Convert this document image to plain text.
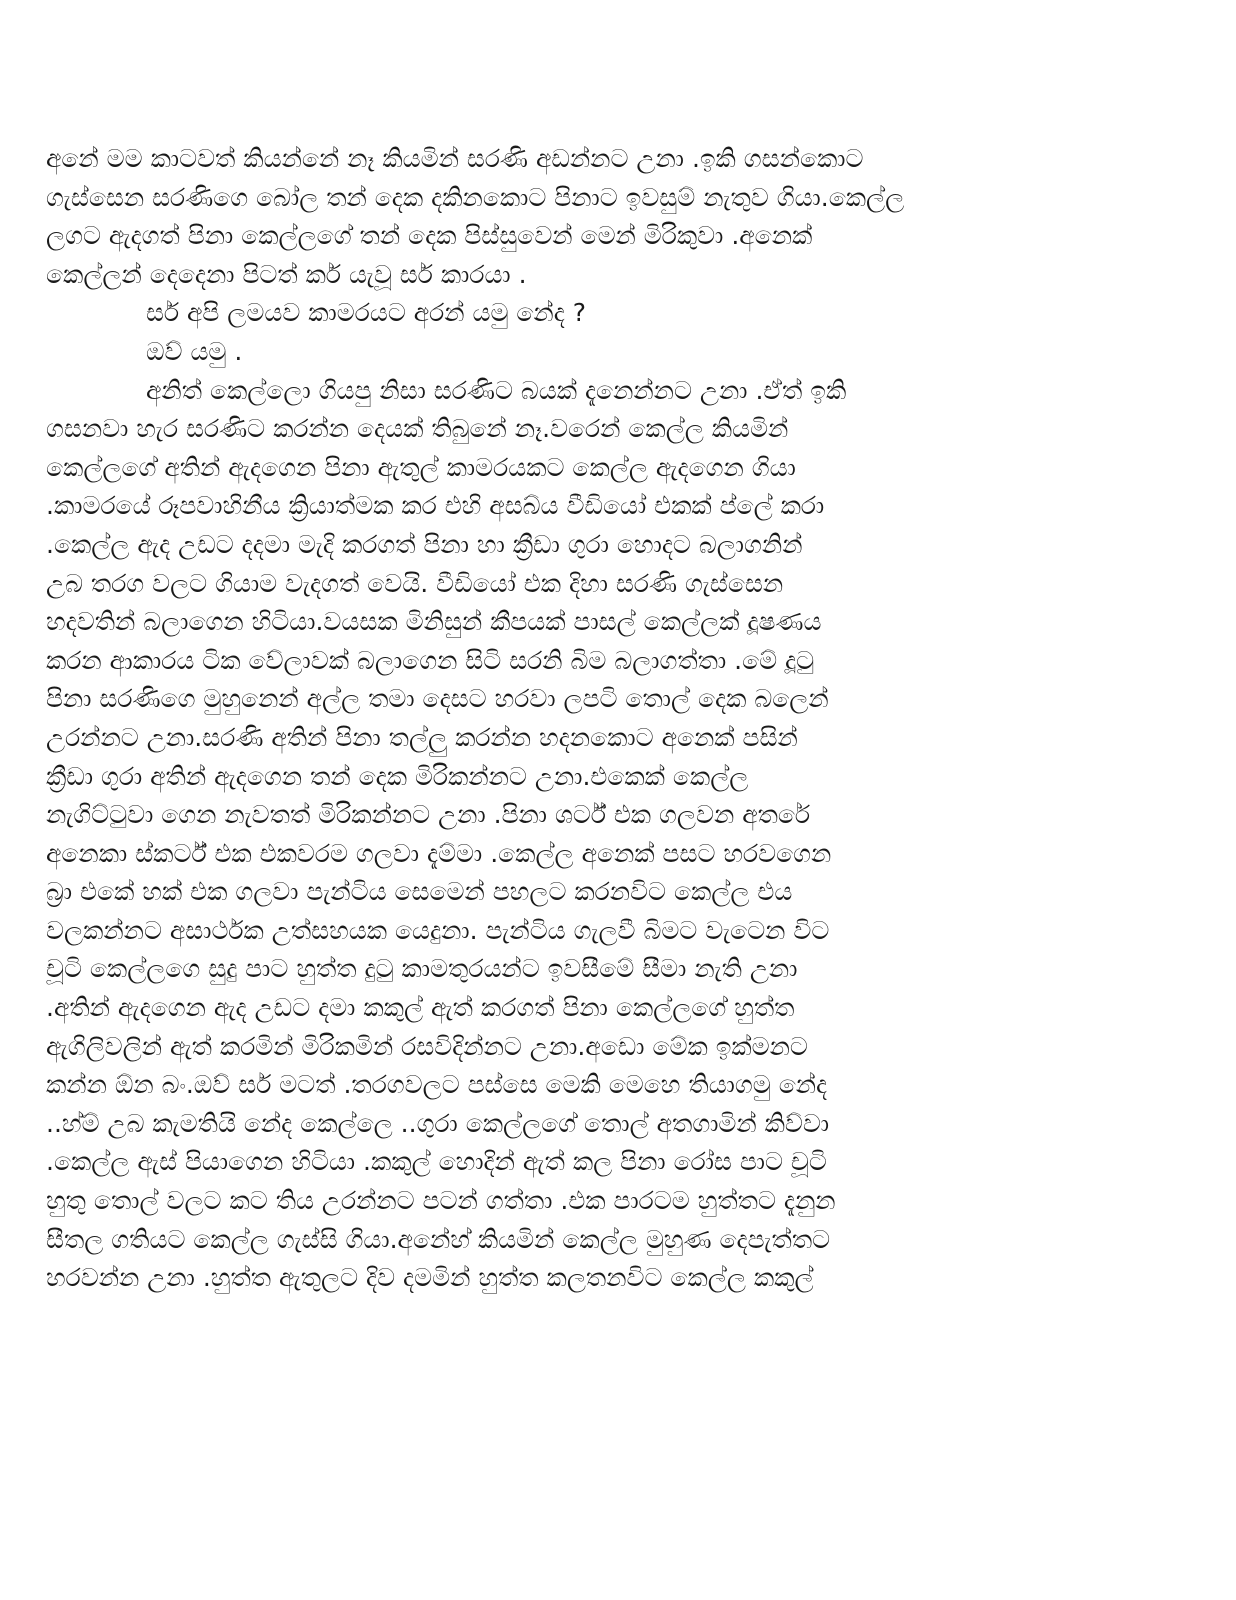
අනේ මම කාටවත් කියන්නේ නෑ කියමින් සරණි අඩන්නට උනා .ඉකි ගසන්කොට
ගැස්සෙන සරණිගෙ බෝල තන් දෙක දකිනකොට පිනාට ඉවසුම් නැතුව ගියා.කෙල්ල
ලගට ඇදගත් පිනා කෙල්ලගේ තන් දෙක පිස්සුවෙන් මෙන් මිරිකුවා .අනෙක්
කෙල්ලන් දෙදෙනා පිටත් කර් යැවූ සර් කාරයා .
සර් අපි ලමයව කාමරයට අරන් යමු නේද ?
ඔව් යමු .
අනිත් කෙල්ලො ගියපු නිසා සරණිට බයක් දැනෙන්නට උනා .ඒත් ඉකි
ගසනවා හැර සරණිට කරන්න දෙයක් තිබුනේ නෑ.වරෙන් කෙල්ල කියමින්
කෙල්ලගේ අතින් ඇදගෙන පිනා ඇතුල් කාමරයකට කෙල්ල ඇදගෙන ගියා
.කාමරයේ රූපවාහිනීය ක්‍රියාත්මක කර එහි අසබ්ය වීඩියෝ එකක් ප්ලේ කරා
.කෙල්ල ඇද උඩට දදමා මැදි කරගත් පිනා හා ක්‍රීඩා ගුරා හොදට බලාගනින්
උබ තරග වලට ගියාම වැදගත් වෙයි. වීඩියෝ එක දිහා සරණි ගැස්සෙන
හදවතින් බලාගෙන හිටියා.වයසක මිනිසුන් කීපයක් පාසල් කෙල්ලක් දූෂණය
කරන ආකාරය ටික වේලාවක් බලාගෙන සිටි සරනි බිම බලාගත්තා .මේ දූටු
පිනා සරණිගෙ මුහුනෙන් අල්ල තමා දෙසට හරවා ලපටි තොල් දෙක බලෙන්
උරන්නට උනා.සරණි අතින් පිනා තල්ලු කරන්න හදනකොට අනෙක් පසින්
ක්‍රීඩා ගුරා අතින් ඇදගෙන තන් දෙක මිරිකන්නට උනා.එකෙක් කෙල්ල
නැගිට්ටුවා ගෙන නැවතත් මිරිකන්නට උනා .පිනා ශර්ට් එක ගලවන අතරේ
අනෙකා ස්කර්ට් එක එකවරම ගලවා දැම්මා .කෙල්ල අනෙක් පසට හරවගෙන
බ්‍රා එකේ හක් එක ගලවා පැන්ටිය සෙමෙන් පහලට කරනවිට කෙල්ල එය
වලකන්නට අසාර්ථක උත්සහයක යෙදුනා. පැන්ටිය ගැලවී බිමට වැටෙන විට
චූටි කෙල්ලගෙ සුදු පාට හුත්ත දුටු කාමතුරයන්ට ඉවසීමේ සීමා නැති උනා
.අතින් ඇදගෙන ඇද උඩට දමා කකුල් ඇත් කරගත් පිනා කෙල්ලගේ හුත්ත
ඇගිලිවලින් ඇත් කරමින් මිරිකමින් රසවිදින්නට උනා.අඩො මේක ඉක්මනට
කන්න ඕන බං.ඔව් සර් මටත් .තරගවලට පස්සෙ මෙකි මෙහෙ තියාගමු නේද
..හ්ම් උබ කැමතියි නේද කෙල්ලෙ ..ගුරා කෙල්ලගේ තොල් අතගාමින් කිව්වා
.කෙල්ල ඇස් පියාගෙන හිටියා .කකුල් හොදින් ඇත් කල පිනා රෝස පාට චූටි
හුතු තොල් වලට කට තිය උරන්නට පටන් ගත්තා .එක පාරටම හුත්තට දැනුන
සීතල ගතියට කෙල්ල ගැස්සි ගියා.අනේහ් කියමින් කෙල්ල මුහුණ දෙපැත්තට
හරවන්න උනා .හුත්ත ඇතුලට දිව දමමින් හුත්ත කලතනවිට කෙල්ල කකුල්
